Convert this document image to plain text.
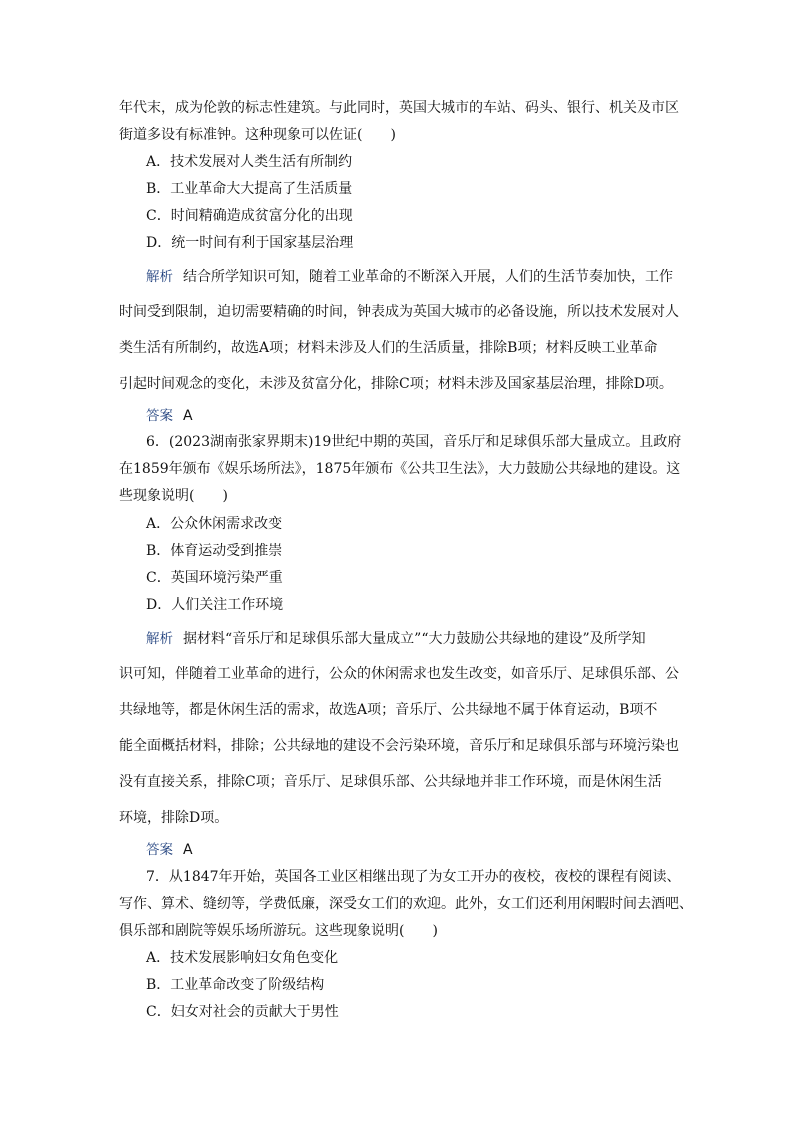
年代末，成为伦敦的标志性建筑。与此同时，英国大城市的车站、码头、银行、机关及市区
街道多设有标准钟。这种现象可以佐证(　　)
A．技术发展对人类生活有所制约
B．工业革命大大提高了生活质量
C．时间精确造成贫富分化的出现
D．统一时间有利于国家基层治理
解析 结合所学知识可知，随着工业革命的不断深入开展，人们的生活节奏加快，工作
时间受到限制，迫切需要精确的时间，钟表成为英国大城市的必备设施，所以技术发展对人
类生活有所制约，故选A项；材料未涉及人们的生活质量，排除B项；材料反映工业革命
引起时间观念的变化，未涉及贫富分化，排除C项；材料未涉及国家基层治理，排除D项。
答案 A
6．(2023湖南张家界期末)19世纪中期的英国，音乐厅和足球俱乐部大量成立。且政府
在1859年颁布《娱乐场所法》，1875年颁布《公共卫生法》，大力鼓励公共绿地的建设。这
些现象说明(　　)
A．公众休闲需求改变
B．体育运动受到推崇
C．英国环境污染严重
D．人们关注工作环境
解析 据材料“音乐厅和足球俱乐部大量成立”“大力鼓励公共绿地的建设”及所学知
识可知，伴随着工业革命的进行，公众的休闲需求也发生改变，如音乐厅、足球俱乐部、公
共绿地等，都是休闲生活的需求，故选A项；音乐厅、公共绿地不属于体育运动，B项不
能全面概括材料，排除；公共绿地的建设不会污染环境，音乐厅和足球俱乐部与环境污染也
没有直接关系，排除C项；音乐厅、足球俱乐部、公共绿地并非工作环境，而是休闲生活
环境，排除D项。
答案 A
7．从1847年开始，英国各工业区相继出现了为女工开办的夜校，夜校的课程有阅读、
写作、算术、缝纫等，学费低廉，深受女工们的欢迎。此外，女工们还利用闲暇时间去酒吧、
俱乐部和剧院等娱乐场所游玩。这些现象说明(　　)
A．技术发展影响妇女角色变化
B．工业革命改变了阶级结构
C．妇女对社会的贡献大于男性
